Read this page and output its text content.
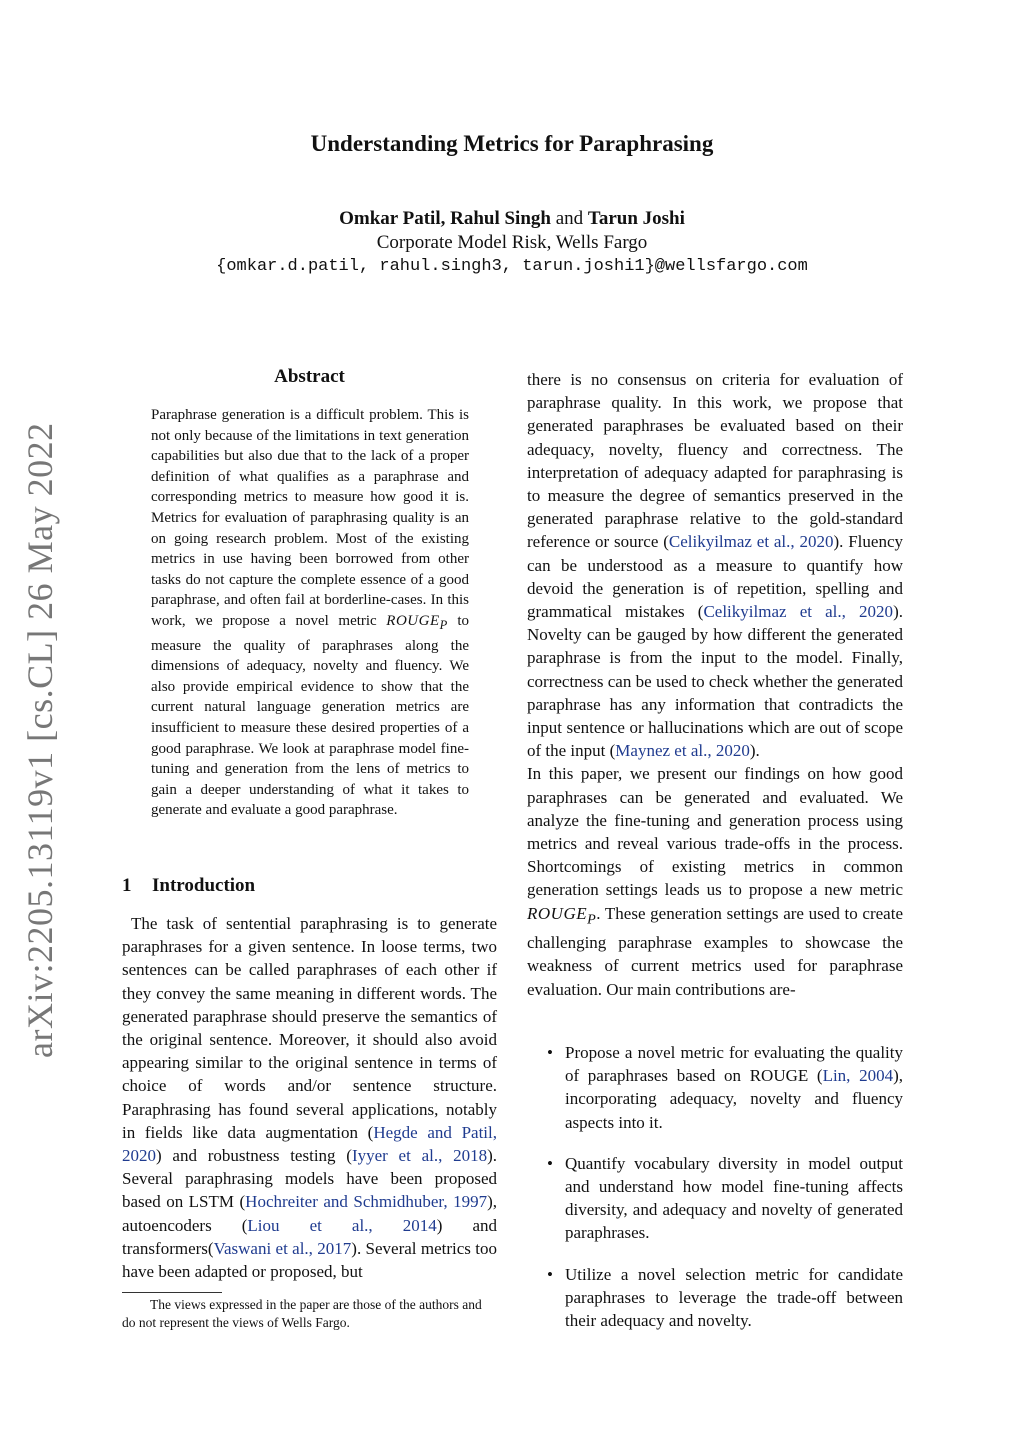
Understanding Metrics for Paraphrasing
Omkar Patil, Rahul Singh and Tarun Joshi
Corporate Model Risk, Wells Fargo
{omkar.d.patil, rahul.singh3, tarun.joshi1}@wellsfargo.com
arXiv:2205.13119v1 [cs.CL] 26 May 2022
Abstract
Paraphrase generation is a difficult problem. This is not only because of the limitations in text generation capabilities but also due that to the lack of a proper definition of what qualifies as a paraphrase and corresponding metrics to measure how good it is. Metrics for evaluation of paraphrasing quality is an on going research problem. Most of the existing metrics in use having been borrowed from other tasks do not capture the complete essence of a good paraphrase, and often fail at borderline-cases. In this work, we propose a novel metric $ROUGE_P$ to measure the quality of paraphrases along the dimensions of adequacy, novelty and fluency. We also provide empirical evidence to show that the current natural language generation metrics are insufficient to measure these desired properties of a good paraphrase. We look at paraphrase model fine-tuning and generation from the lens of metrics to gain a deeper understanding of what it takes to generate and evaluate a good paraphrase.
1 Introduction
The task of sentential paraphrasing is to generate paraphrases for a given sentence. In loose terms, two sentences can be called paraphrases of each other if they convey the same meaning in different words. The generated paraphrase should preserve the semantics of the original sentence. Moreover, it should also avoid appearing similar to the original sentence in terms of choice of words and/or sentence structure. Paraphrasing has found several applications, notably in fields like data augmentation (Hegde and Patil, 2020) and robustness testing (Iyyer et al., 2018). Several paraphrasing models have been proposed based on LSTM (Hochreiter and Schmidhuber, 1997), autoencoders (Liou et al., 2014) and transformers(Vaswani et al., 2017). Several metrics too have been adapted or proposed, but
The views expressed in the paper are those of the authors and do not represent the views of Wells Fargo.

there is no consensus on criteria for evaluation of paraphrase quality. In this work, we propose that generated paraphrases be evaluated based on their adequacy, novelty, fluency and correctness. The interpretation of adequacy adapted for paraphrasing is to measure the degree of semantics preserved in the generated paraphrase relative to the gold-standard reference or source (Celikyilmaz et al., 2020). Fluency can be understood as a measure to quantify how devoid the generation is of repetition, spelling and grammatical mistakes (Celikyilmaz et al., 2020). Novelty can be gauged by how different the generated paraphrase is from the input to the model. Finally, correctness can be used to check whether the generated paraphrase has any information that contradicts the input sentence or hallucinations which are out of scope of the input (Maynez et al., 2020).

In this paper, we present our findings on how good paraphrases can be generated and evaluated. We analyze the fine-tuning and generation process using metrics and reveal various trade-offs in the process. Shortcomings of existing metrics in common generation settings leads us to propose a new metric $ROUGE_P$. These generation settings are used to create challenging paraphrase examples to showcase the weakness of current metrics used for paraphrase evaluation. Our main contributions are-

• Propose a novel metric for evaluating the quality of paraphrases based on ROUGE (Lin, 2004), incorporating adequacy, novelty and fluency aspects into it.
• Quantify vocabulary diversity in model output and understand how model fine-tuning affects diversity, and adequacy and novelty of generated paraphrases.
• Utilize a novel selection metric for candidate paraphrases to leverage the trade-off between their adequacy and novelty.
